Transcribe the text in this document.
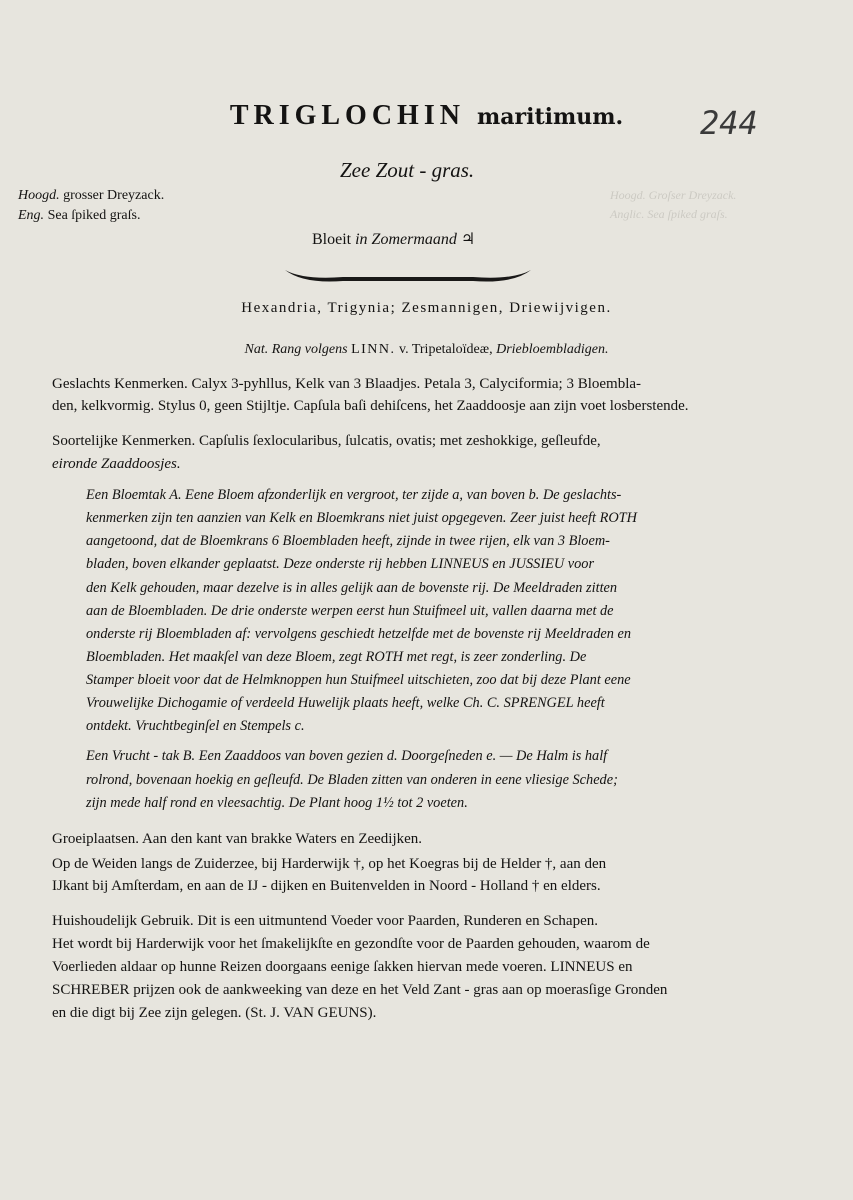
Hoogd. Groſser Dreyzack.
Anglic. Sea ſpiked graſs.
TRIGLOCHIN maritimum.	244
Zee Zout - gras.
Hoogd. grosser Dreyzack.
Eng. Sea ſpiked graſs.
Bloeit in Zomermaand ♃
Hexandria, Trigynia; Zesmannigen, Driewijvigen.
Nat. Rang volgens LINN. v. Tripetaloïdeæ, Driebloembladigen.
Geslachts Kenmerken. Calyx 3-pyhllus, Kelk van 3 Blaadjes. Petala 3, Calyciformia; 3 Bloembla-
den, kelkvormig. Stylus 0, geen Stijltje. Capſula baſi dehiſcens, het Zaaddoosje aan zijn voet losberstende.
Soortelijke Kenmerken. Capſulis ſexlocularibus, ſulcatis, ovatis; met zeshokkige, geſleufde,
eironde Zaaddoosjes.
Een Bloemtak A. Eene Bloem afzonderlijk en vergroot, ter zijde a, van boven b. De geslachts-
kenmerken zijn ten aanzien van Kelk en Bloemkrans niet juist opgegeven. Zeer juist heeft ROTH
aangetoond, dat de Bloemkrans 6 Bloembladen heeft, zijnde in twee rijen, elk van 3 Bloem-
bladen, boven elkander geplaatst. Deze onderste rij hebben LINNEUS en JUSSIEU voor
den Kelk gehouden, maar dezelve is in alles gelijk aan de bovenste rij. De Meeldraden zitten
aan de Bloembladen. De drie onderste werpen eerst hun Stuifmeel uit, vallen daarna met de
onderste rij Bloembladen af: vervolgens geschiedt hetzelfde met de bovenste rij Meeldraden en
Bloembladen. Het maakſel van deze Bloem, zegt ROTH met regt, is zeer zonderling. De
Stamper bloeit voor dat de Helmknoppen hun Stuifmeel uitschieten, zoo dat bij deze Plant eene
Vrouwelijke Dichogamie of verdeeld Huwelijk plaats heeft, welke Ch. C. SPRENGEL heeft
ontdekt. Vruchtbeginſel en Stempels c.
Een Vrucht - tak B. Een Zaaddoos van boven gezien d. Doorgeſneden e. — De Halm is half
rolrond, bovenaan hoekig en geſleufd. De Bladen zitten van onderen in eene vliesige Schede;
zijn mede half rond en vleesachtig. De Plant hoog 1½ tot 2 voeten.
Groeiplaatsen. Aan den kant van brakke Waters en Zeedijken.
Op de Weiden langs de Zuiderzee, bij Harderwijk †, op het Koegras bij de Helder †, aan den
IJkant bij Amſterdam, en aan de IJ - dijken en Buitenvelden in Noord - Holland † en elders.
Huishoudelijk Gebruik. Dit is een uitmuntend Voeder voor Paarden, Runderen en Schapen.
Het wordt bij Harderwijk voor het ſmakelijkſte en gezondſte voor de Paarden gehouden, waarom de
Voerlieden aldaar op hunne Reizen doorgaans eenige ſakken hiervan mede voeren. LINNEUS en
SCHREBER prijzen ook de aankweeking van deze en het Veld Zant - gras aan op moerasſige Gronden
en die digt bij Zee zijn gelegen. (St. J. VAN GEUNS).
